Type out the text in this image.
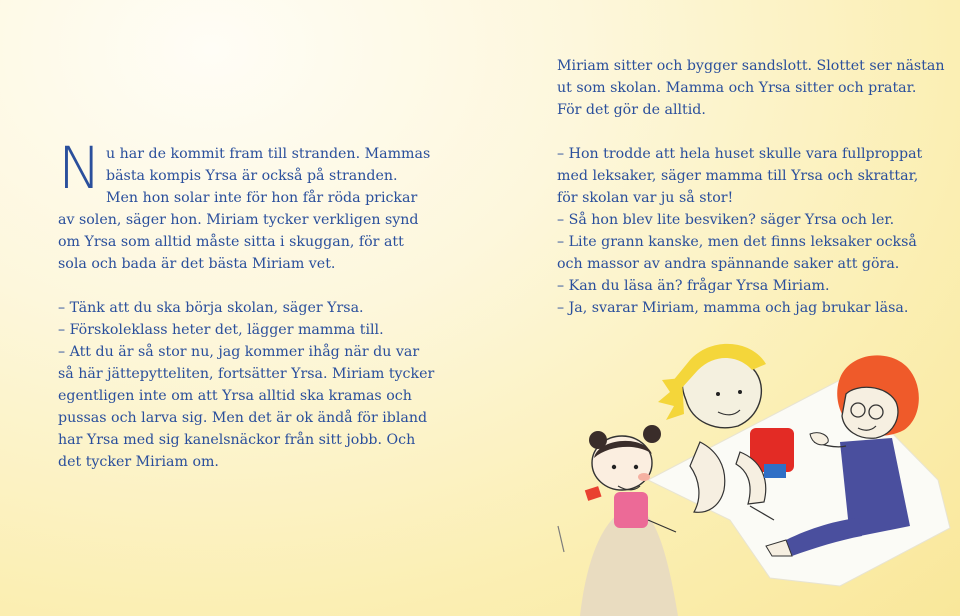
N u har de kommit fram till stranden. Mammas

bästa kompis Yrsa är också på stranden.

Men hon solar inte för hon får röda prickar

av solen, säger hon. Miriam tycker verkligen synd

om Yrsa som alltid måste sitta i skuggan, för att

sola och bada är det bästa Miriam vet.

– Tänk att du ska börja skolan, säger Yrsa.

– Förskoleklass heter det, lägger mamma till.

– Att du är så stor nu, jag kommer ihåg när du var

så här jättepytteliten, fortsätter Yrsa. Miriam tycker

egentligen inte om att Yrsa alltid ska kramas och

pussas och larva sig. Men det är ok ändå för ibland

har Yrsa med sig kanelsnäckor från sitt jobb. Och

det tycker Miriam om.

Miriam sitter och bygger sandslott. Slottet ser nästan

ut som skolan. Mamma och Yrsa sitter och pratar.

För det gör de alltid.

– Hon trodde att hela huset skulle vara fullproppat

med leksaker, säger mamma till Yrsa och skrattar,

för skolan var ju så stor!

– Så hon blev lite besviken? säger Yrsa och ler.

– Lite grann kanske, men det finns leksaker också

och massor av andra spännande saker att göra.

– Kan du läsa än? frågar Yrsa Miriam.

– Ja, svarar Miriam, mamma och jag brukar läsa.
